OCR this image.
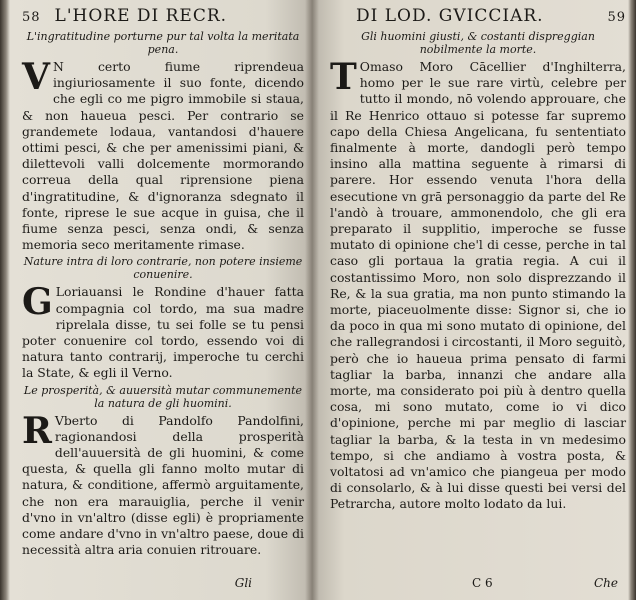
58 L'HORE DI RECR.
L'ingratitudine porturne pur tal volta la meritata pena.
V N certo fiume riprendeua ingiuriosamente il suo fonte, dicendo che egli co me pigro immobile si staua, & non haueua pesci. Per contrario se grandemete lodaua, vantandosi d'hauere ottimi pesci, & che per amenissimi piani, & dilettevoli valli dolcemente mormorando correua della qual riprensione piena d'ingratitudine, & d'ignoranza sdegnato il fonte, riprese le sue acque in guisa, che il fiume senza pesci, senza ondi, & senza memoria seco meritamente rimase.
Nature intra di loro contrarie, non potere insieme conuenire.
G Loriauansi le Rondine d'hauer fatta compagnia col tordo, ma sua madre riprelala disse, tu sei folle se tu pensi poter conuenire col tordo, essendo voi di natura tanto contrarij, imperoche tu cerchi la State, & egli il Verno.
Le prosperità, & auuersità mutar communemente la natura de gli huomini.
R Vberto di Pandolfo Pandolfini, ragionandosi della prosperità dell'auuersità de gli huomini, & come questa, & quella gli fanno molto mutar di natura, & conditione, affermò arguitamente, che non era marauiglia, perche il venir d'vno in vn'altro (disse egli) è propriamente come andare d'vno in vn'altro paese, doue di necessità altra aria conuien ritrouare.
Gli
DI LOD. GVICCIAR.	59
Gli huomini giusti, & costanti dispreggian nobilmente la morte.
T Omaso Moro Cācellier d'Inghilterra, homo per le sue rare virtù, celebre per tutto il mondo, nō volendo approuare, che il Re Henrico ottauo si potesse far supremo capo della Chiesa Angelicana, fu sententiato finalmente à morte, dandogli però tempo insino alla mattina seguente à rimarsi di parere. Hor essendo venuta l'hora della esecutione vn grā personaggio da parte del Re l'andò à trouare, ammonendolo, che gli era preparato il supplitio, imperoche se fusse mutato di opinione che'l di cesse, perche in tal caso gli portaua la gratia regia. A cui il costantissimo Moro, non solo disprezzando il Re, & la sua gratia, ma non punto stimando la morte, piaceuolmente disse: Signor si, che io da poco in qua mi sono mutato di opinione, del che rallegrandosi i circostanti, il Moro seguitò, però che io haueua prima pensato di farmi tagliar la barba, innanzi che andare alla morte, ma considerato poi più à dentro quella cosa, mi sono mutato, come io vi dico d'opinione, perche mi par meglio di lasciar tagliar la barba, & la testa in vn medesimo tempo, si che andiamo à vostra posta, & voltatosi ad vn'amico che piangeua per modo di consolarlo, & à lui disse questi bei versi del Petrarcha, autore molto lodato da lui.
C 6	Che
